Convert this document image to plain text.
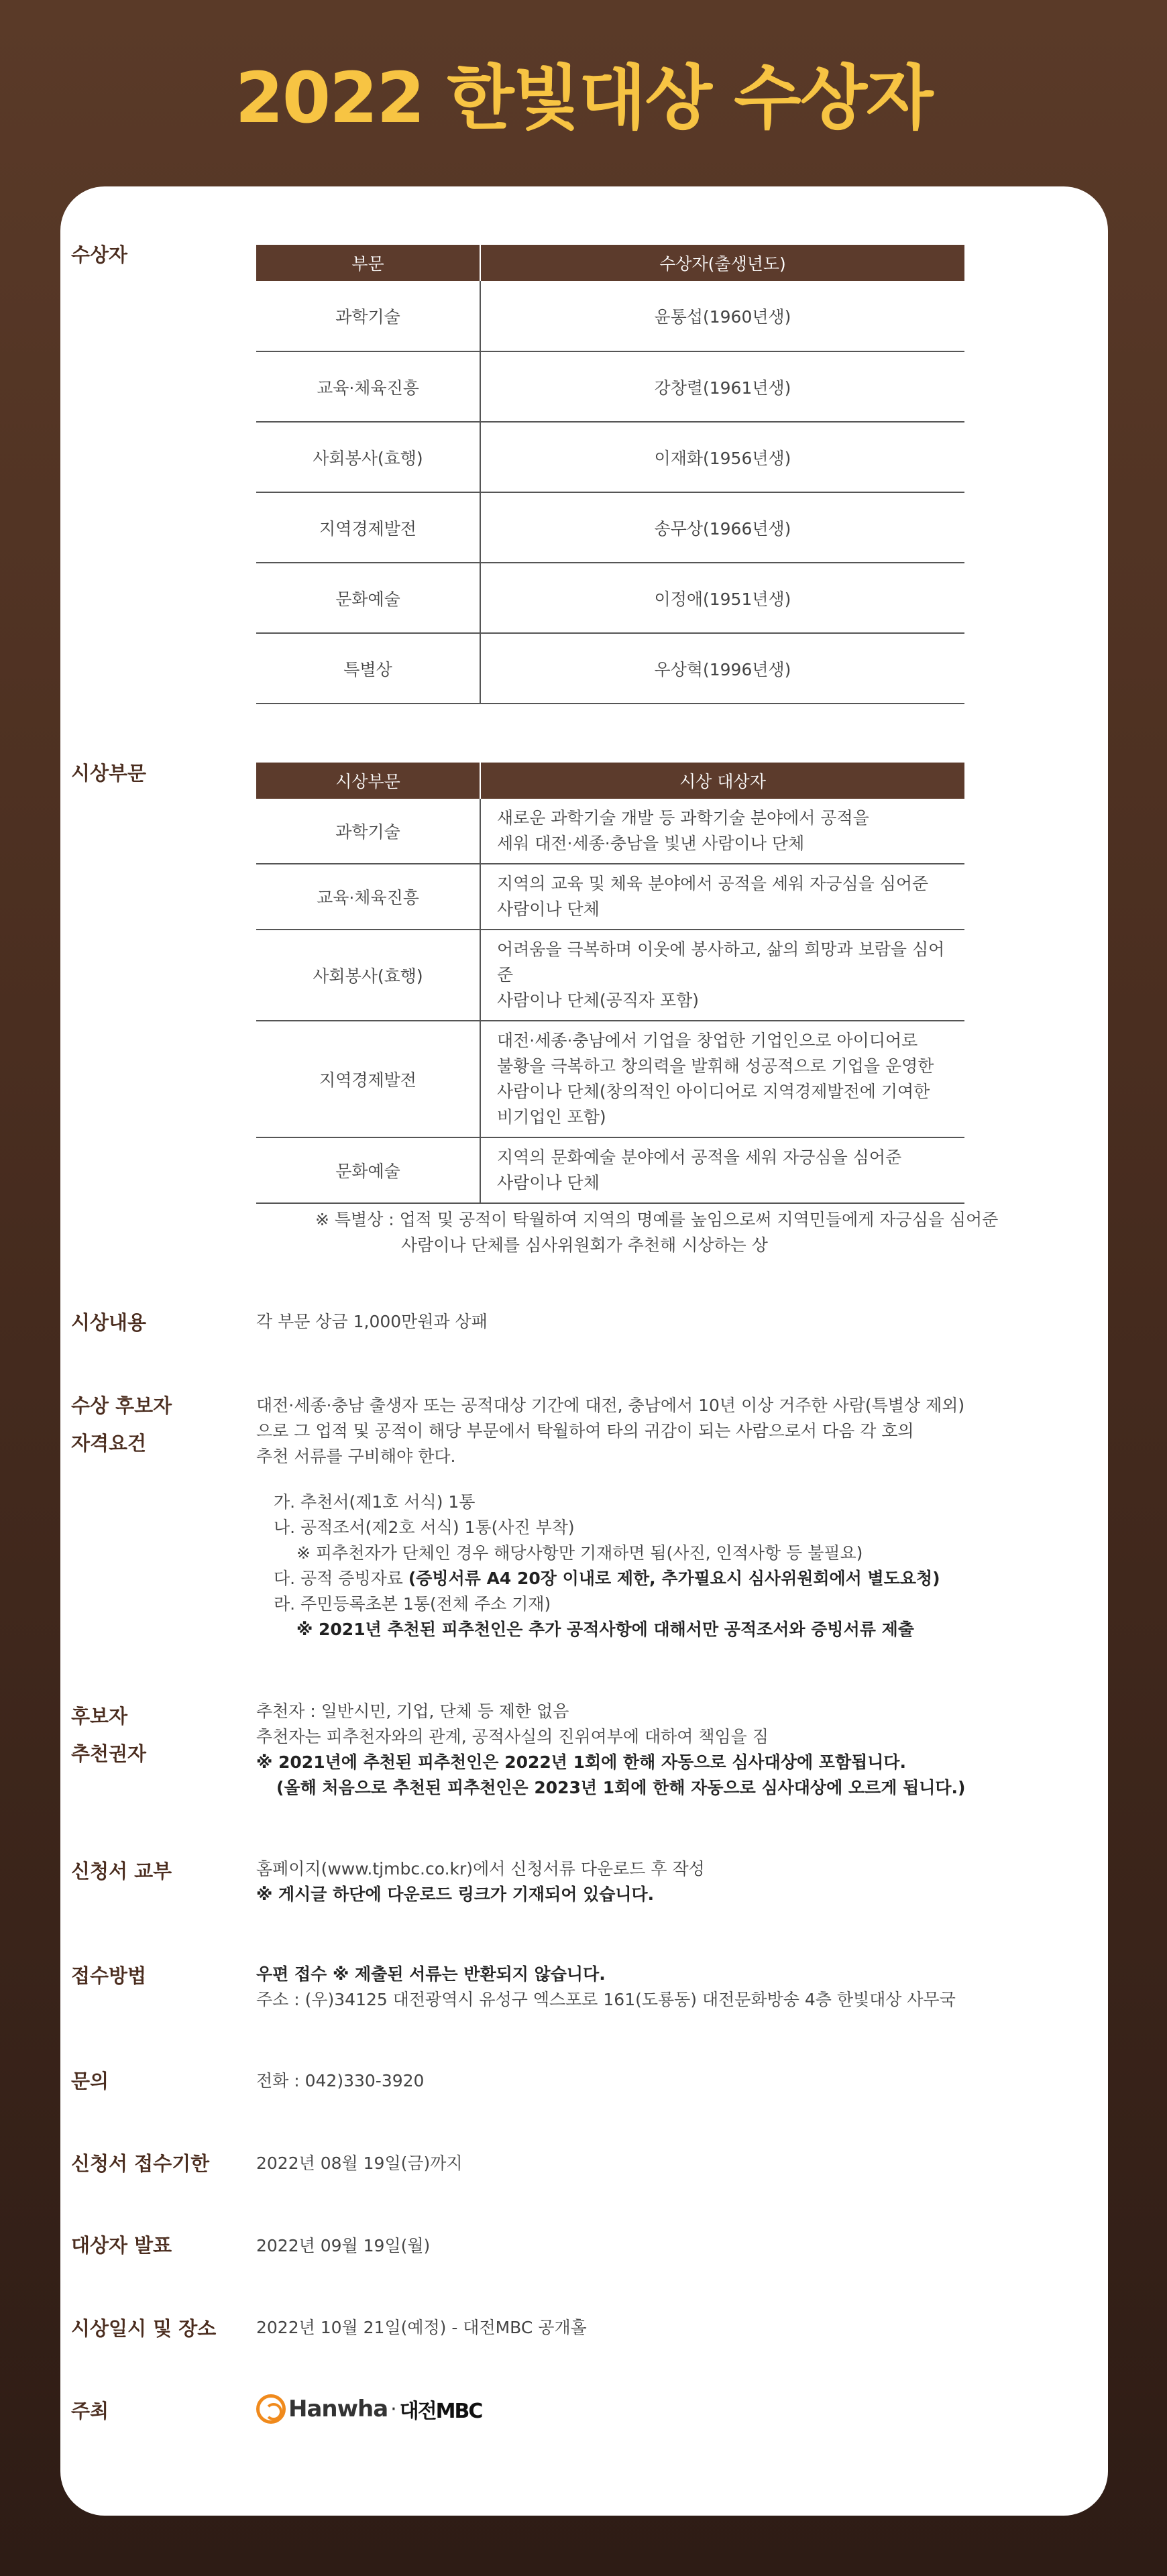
2022 한빛대상 수상자
수상자	부문	수상자(출생년도)
과학기술	윤통섭(1960년생)
교육·체육진흥	강창렬(1961년생)
사회봉사(효행)	이재화(1956년생)
지역경제발전	송무상(1966년생)
문화예술	이정애(1951년생)
특별상	우상혁(1996년생)
시상부문	시상부문	시상 대상자
과학기술	새로운 과학기술 개발 등 과학기술 분야에서 공적을
세워 대전·세종·충남을 빛낸 사람이나 단체

교육·체육진흥	지역의 교육 및 체육 분야에서 공적을 세워 자긍심을 심어준
사람이나 단체

사회봉사(효행)	어려움을 극복하며 이웃에 봉사하고, 삶의 희망과 보람을 심어준
사람이나 단체(공직자 포함)

지역경제발전	대전·세종·충남에서 기업을 창업한 기업인으로 아이디어로
불황을 극복하고 창의력을 발휘해 성공적으로 기업을 운영한
사람이나 단체(창의적인 아이디어로 지역경제발전에 기여한
비기업인 포함)

문화예술	지역의 문화예술 분야에서 공적을 세워 자긍심을 심어준
사람이나 단체
※ 특별상 : 업적 및 공적이 탁월하여 지역의 명예를 높임으로써 지역민들에게 자긍심을 심어준
사람이나 단체를 심사위원회가 추천해 시상하는 상
시상내용	각 부문 상금 1,000만원과 상패
수상 후보자
자격요건
대전·세종·충남 출생자 또는 공적대상 기간에 대전, 충남에서 10년 이상 거주한 사람(특별상 제외)
으로 그 업적 및 공적이 해당 부문에서 탁월하여 타의 귀감이 되는 사람으로서 다음 각 호의
추천 서류를 구비해야 한다.
가. 추천서(제1호 서식) 1통
나. 공적조서(제2호 서식) 1통(사진 부착)
※ 피추천자가 단체인 경우 해당사항만 기재하면 됨(사진, 인적사항 등 불필요)
다. 공적 증빙자료 (증빙서류 A4 20장 이내로 제한, 추가필요시 심사위원회에서 별도요청)
라. 주민등록초본 1통(전체 주소 기재)
※ 2021년 추천된 피추천인은 추가 공적사항에 대해서만 공적조서와 증빙서류 제출
후보자
추천권자
추천자 : 일반시민, 기업, 단체 등 제한 없음
추천자는 피추천자와의 관계, 공적사실의 진위여부에 대하여 책임을 짐
※ 2021년에 추천된 피추천인은 2022년 1회에 한해 자동으로 심사대상에 포함됩니다.
(올해 처음으로 추천된 피추천인은 2023년 1회에 한해 자동으로 심사대상에 오르게 됩니다.)
신청서 교부	홈페이지(www.tjmbc.co.kr)에서 신청서류 다운로드 후 작성
※ 게시글 하단에 다운로드 링크가 기재되어 있습니다.
접수방법	우편 접수 ※ 제출된 서류는 반환되지 않습니다.
주소 : (우)34125 대전광역시 유성구 엑스포로 161(도룡동) 대전문화방송 4층 한빛대상 사무국
문의	전화 : 042)330-3920
신청서 접수기한	2022년 08월 19일(금)까지
대상자 발표	2022년 09월 19일(월)
시상일시 및 장소 2022년 10월 21일(예정) - 대전MBC 공개홀
주최	Hanwha · 대전MBC
